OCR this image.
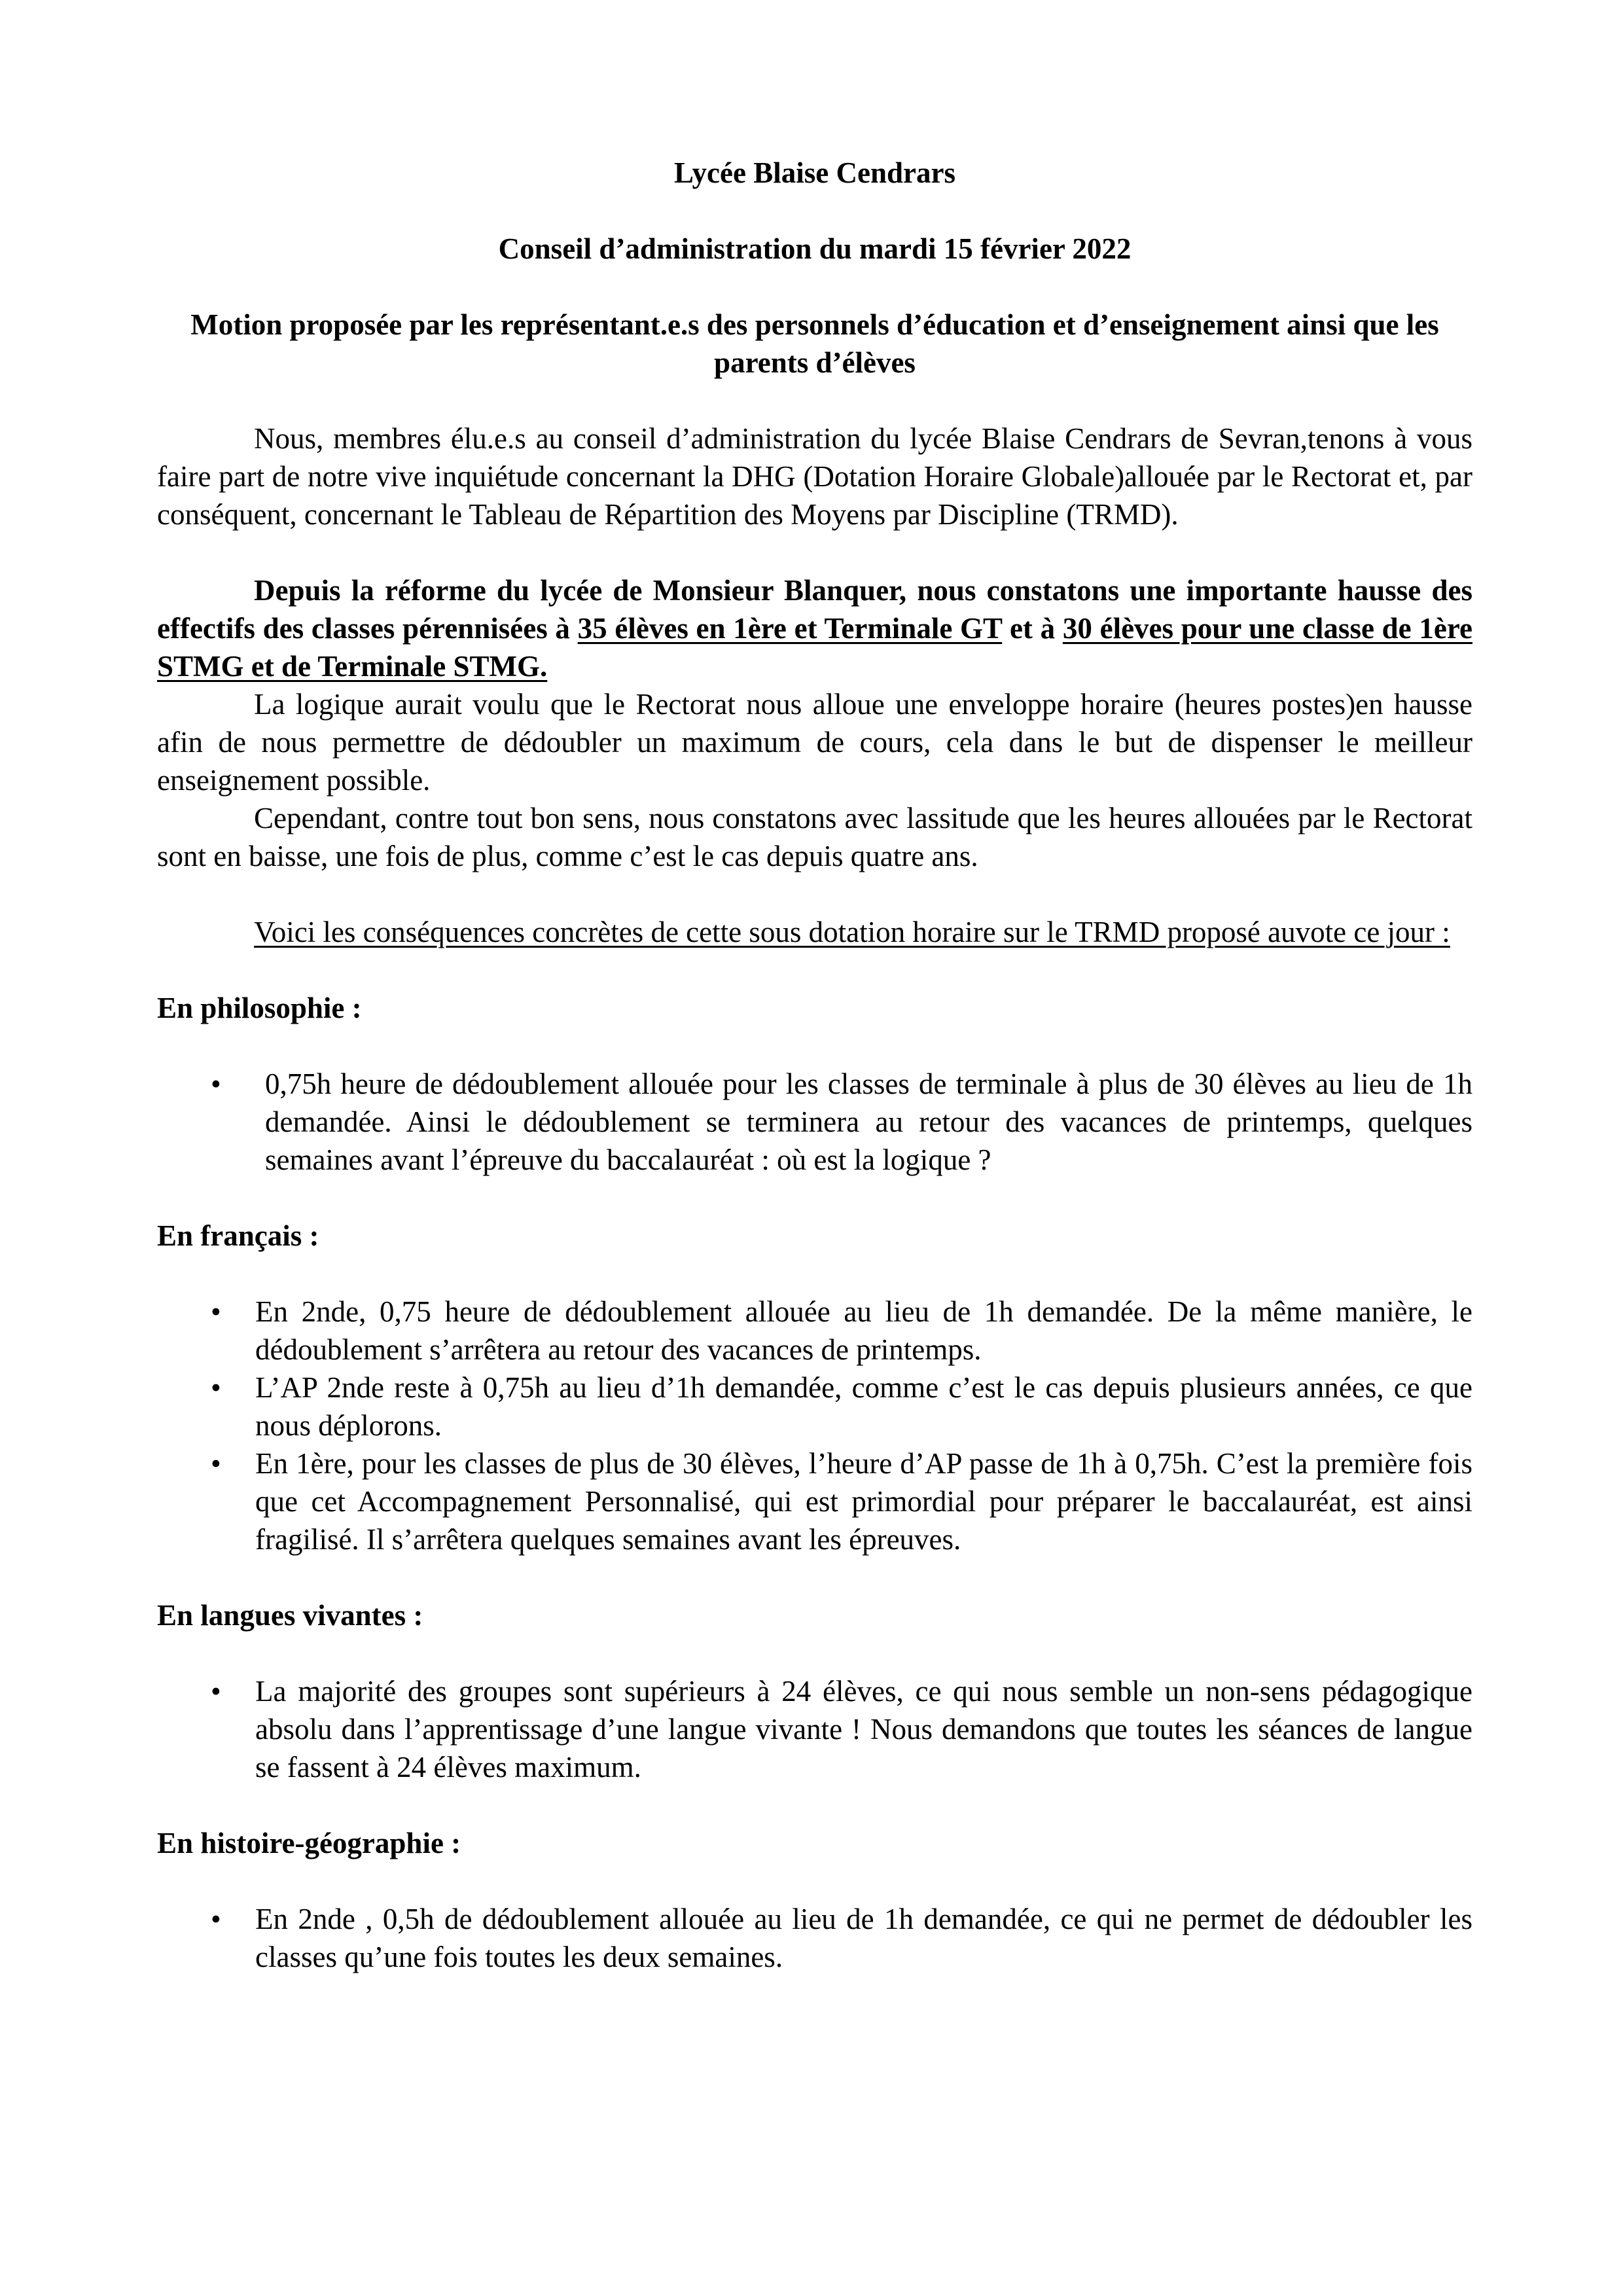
Lycée Blaise Cendrars

Conseil d’administration du mardi 15 février 2022

Motion proposée par les représentant.e.s des personnels d’éducation et d’enseignement ainsi que les parents d’élèves

Nous, membres élu.e.s au conseil d’administration du lycée Blaise Cendrars de Sevran,tenons à vous faire part de notre vive inquiétude concernant la DHG (Dotation Horaire Globale)allouée par le Rectorat et, par conséquent, concernant le Tableau de Répartition des Moyens par Discipline (TRMD).

Depuis la réforme du lycée de Monsieur Blanquer, nous constatons une importante hausse des effectifs des classes pérennisées à 35 élèves en 1ère et Terminale GT et à 30 élèves pour une classe de 1ère STMG et de Terminale STMG.

La logique aurait voulu que le Rectorat nous alloue une enveloppe horaire (heures postes)en hausse afin de nous permettre de dédoubler un maximum de cours, cela dans le but de dispenser le meilleur enseignement possible.

Cependant, contre tout bon sens, nous constatons avec lassitude que les heures allouées par le Rectorat sont en baisse, une fois de plus, comme c’est le cas depuis quatre ans.

Voici les conséquences concrètes de cette sous dotation horaire sur le TRMD proposé auvote ce jour :

En philosophie :

• 0,75h heure de dédoublement allouée pour les classes de terminale à plus de 30 élèves au lieu de 1h demandée. Ainsi le dédoublement se terminera au retour des vacances de printemps, quelques semaines avant l’épreuve du baccalauréat : où est la logique ?

En français :

• En 2nde, 0,75 heure de dédoublement allouée au lieu de 1h demandée. De la même manière, le dédoublement s’arrêtera au retour des vacances de printemps.
• L’AP 2nde reste à 0,75h au lieu d’1h demandée, comme c’est le cas depuis plusieurs années, ce que nous déplorons.
• En 1ère, pour les classes de plus de 30 élèves, l’heure d’AP passe de 1h à 0,75h. C’est la première fois que cet Accompagnement Personnalisé, qui est primordial pour préparer le baccalauréat, est ainsi fragilisé. Il s’arrêtera quelques semaines avant les épreuves.

En langues vivantes :

• La majorité des groupes sont supérieurs à 24 élèves, ce qui nous semble un non-sens pédagogique absolu dans l’apprentissage d’une langue vivante ! Nous demandons que toutes les séances de langue se fassent à 24 élèves maximum.

En histoire-géographie :

• En 2nde , 0,5h de dédoublement allouée au lieu de 1h demandée, ce qui ne permet de dédoubler les classes qu’une fois toutes les deux semaines.
